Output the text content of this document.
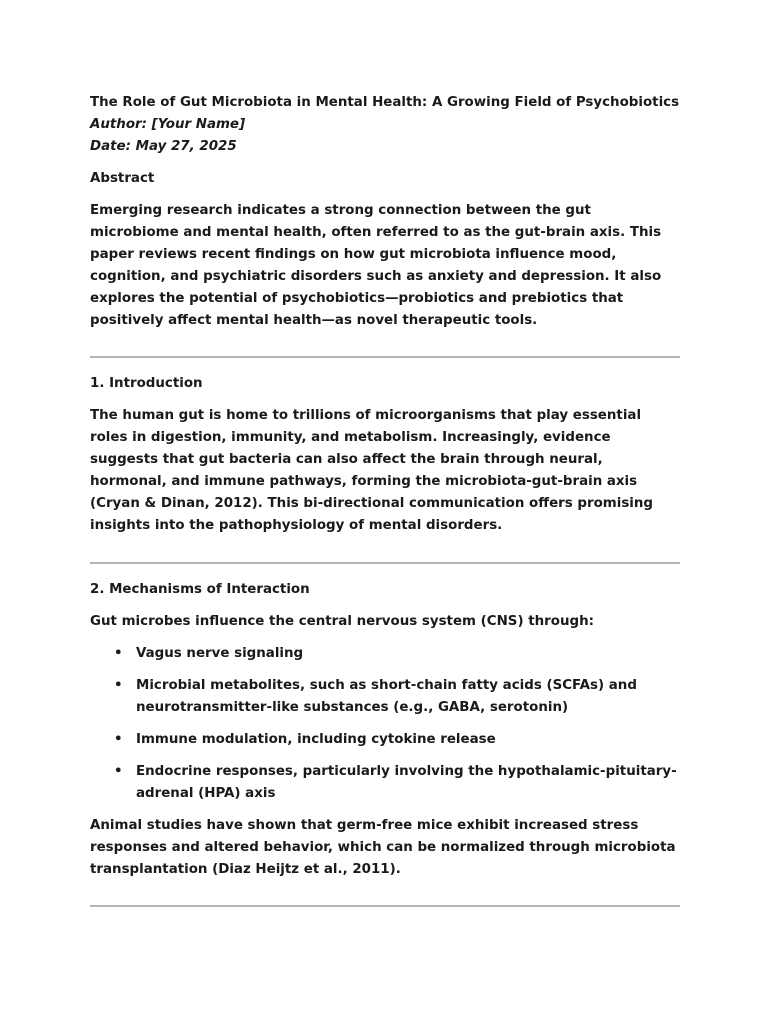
The Role of Gut Microbiota in Mental Health: A Growing Field of Psychobiotics

Author: [Your Name]

Date: May 27, 2025

Abstract

Emerging research indicates a strong connection between the gut microbiome and mental health, often referred to as the gut-brain axis. This paper reviews recent findings on how gut microbiota influence mood, cognition, and psychiatric disorders such as anxiety and depression. It also explores the potential of psychobiotics—probiotics and prebiotics that positively affect mental health—as novel therapeutic tools.

1. Introduction

The human gut is home to trillions of microorganisms that play essential roles in digestion, immunity, and metabolism. Increasingly, evidence suggests that gut bacteria can also affect the brain through neural, hormonal, and immune pathways, forming the microbiota-gut-brain axis (Cryan & Dinan, 2012). This bi-directional communication offers promising insights into the pathophysiology of mental disorders.

2. Mechanisms of Interaction

Gut microbes influence the central nervous system (CNS) through:

• Vagus nerve signaling
• Microbial metabolites, such as short-chain fatty acids (SCFAs) and neurotransmitter-like substances (e.g., GABA, serotonin)
• Immune modulation, including cytokine release
• Endocrine responses, particularly involving the hypothalamic-pituitary-adrenal (HPA) axis

Animal studies have shown that germ-free mice exhibit increased stress responses and altered behavior, which can be normalized through microbiota transplantation (Diaz Heijtz et al., 2011).
